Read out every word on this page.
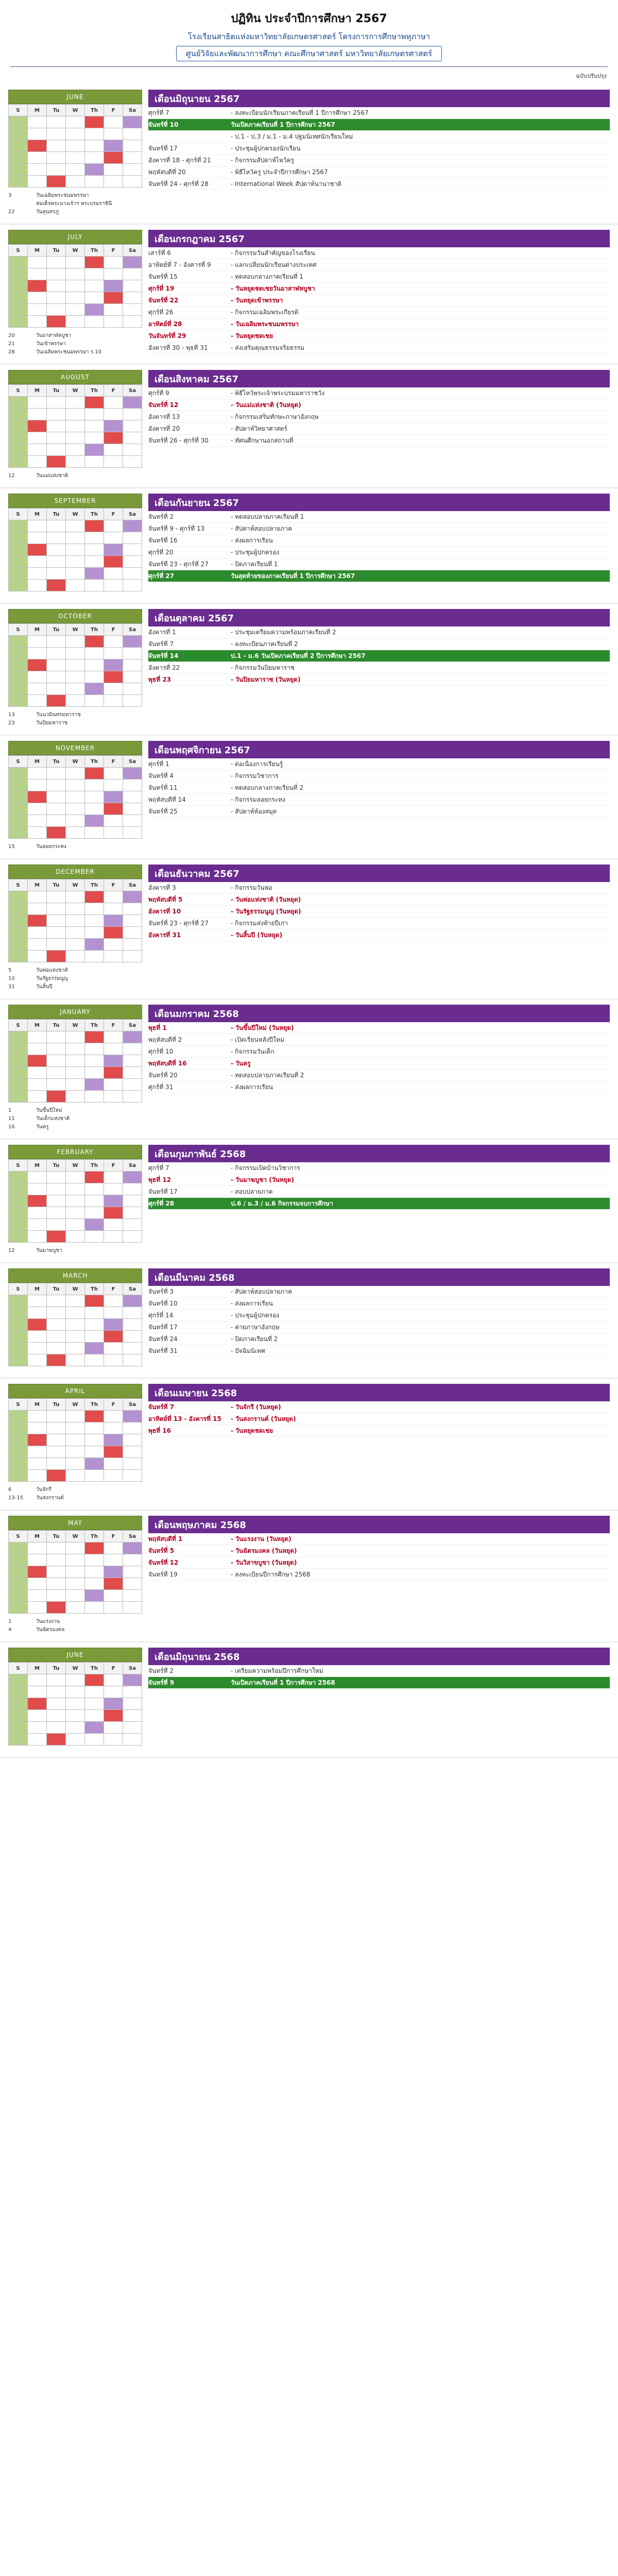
ปฏิทิน ประจำปีการศึกษา 2567
โรงเรียนสาธิตแห่งมหาวิทยาลัยเกษตรศาสตร์ โครงการการศึกษาพหุภาษา
ศูนย์วิจัยและพัฒนาการศึกษา คณะศึกษาศาสตร์ มหาวิทยาลัยเกษตรศาสตร์
ฉบับปรับปรุง
JUNE
S	M	Tu	W	Th	F	Sa
3	วันเฉลิมพระชนมพรรษา
สมเด็จพระนางเจ้าฯ พระบรมราชินี
22	วันสุนทรภู่
เดือนมิถุนายน 2567
ศุกร์ที่ 7	- ลงทะเบียนนักเรียนภาคเรียนที่ 1 ปีการศึกษา 2567
จันทร์ที่ 10	วันเปิดภาคเรียนที่ 1 ปีการศึกษา 2567
- ป.1 - ป.3 / ม.1 - ม.4 ปฐมนิเทศนักเรียนใหม่
จันทร์ที่ 17	- ประชุมผู้ปกครองนักเรียน
อังคารที่ 18 - ศุกร์ที่ 21	- กิจกรรมสัปดาห์ไหว้ครู
พฤหัสบดีที่ 20	- พิธีไหว้ครู ประจำปีการศึกษา 2567
จันทร์ที่ 24 - ศุกร์ที่ 28	- International Week สัปดาห์นานาชาติ
JULY
S	M	Tu	W	Th	F	Sa
20	วันอาสาฬหบูชา
21	วันเข้าพรรษา
28	วันเฉลิมพระชนมพรรษา ร.10
เดือนกรกฎาคม 2567
เสาร์ที่ 6	- กิจกรรมวันสำคัญของโรงเรียน
อาทิตย์ที่ 7 - อังคารที่ 9	- แลกเปลี่ยนนักเรียนต่างประเทศ
จันทร์ที่ 15	- ทดสอบกลางภาคเรียนที่ 1
ศุกร์ที่ 19	- วันหยุดชดเชยวันอาสาฬหบูชา
จันทร์ที่ 22	- วันหยุดเข้าพรรษา
ศุกร์ที่ 26	- กิจกรรมเฉลิมพระเกียรติ
อาทิตย์ที่ 28	- วันเฉลิมพระชนมพรรษา
วันจันทร์ที่ 29	- วันหยุดชดเชย
อังคารที่ 30 - พุธที่ 31	- ส่งเสริมคุณธรรมจริยธรรม
AUGUST
S	M	Tu	W	Th	F	Sa
12	วันแม่แห่งชาติ
เดือนสิงหาคม 2567
ศุกร์ที่ 9	- พิธีไหว้พระเจ้าพระบรมมหาราชวัง
จันทร์ที่ 12	- วันแม่แห่งชาติ (วันหยุด)
อังคารที่ 13	- กิจกรรมเสริมทักษะภาษาอังกฤษ
อังคารที่ 20	- สัปดาห์วิทยาศาสตร์
จันทร์ที่ 26 - ศุกร์ที่ 30	- ทัศนศึกษานอกสถานที่
SEPTEMBER
S	M	Tu	W	Th	F	Sa
เดือนกันยายน 2567
จันทร์ที่ 2	- ทดสอบปลายภาคเรียนที่ 1
จันทร์ที่ 9 - ศุกร์ที่ 13	- สัปดาห์สอบปลายภาค
จันทร์ที่ 16	- ส่งผลการเรียน
ศุกร์ที่ 20	- ประชุมผู้ปกครอง
จันทร์ที่ 23 - ศุกร์ที่ 27	- ปิดภาคเรียนที่ 1
ศุกร์ที่ 27	วันสุดท้ายของภาคเรียนที่ 1 ปีการศึกษา 2567
OCTOBER
S	M	Tu	W	Th	F	Sa
13	วันนวมินทรมหาราช
23	วันปิยมหาราช
เดือนตุลาคม 2567
อังคารที่ 1	- ประชุมเตรียมความพร้อมภาคเรียนที่ 2
จันทร์ที่ 7	- ลงทะเบียนภาคเรียนที่ 2
จันทร์ที่ 14	ป.1 - ม.6 วันเปิดภาคเรียนที่ 2 ปีการศึกษา 2567
อังคารที่ 22	- กิจกรรมวันปิยมหาราช
พุธที่ 23	- วันปิยมหาราช (วันหยุด)
NOVEMBER
S	M	Tu	W	Th	F	Sa
15	วันลอยกระทง
เดือนพฤศจิกายน 2567
ศุกร์ที่ 1	- ต่อเนื่องการเรียนรู้
จันทร์ที่ 4	- กิจกรรมวิชาการ
จันทร์ที่ 11	- ทดสอบกลางภาคเรียนที่ 2
พฤหัสบดีที่ 14	- กิจกรรมลอยกระทง
จันทร์ที่ 25	- สัปดาห์ห้องสมุด
DECEMBER
S	M	Tu	W	Th	F	Sa
5	วันพ่อแห่งชาติ
10	วันรัฐธรรมนูญ
31	วันสิ้นปี
เดือนธันวาคม 2567
อังคารที่ 3	- กิจกรรมวันพ่อ
พฤหัสบดีที่ 5	- วันพ่อแห่งชาติ (วันหยุด)
อังคารที่ 10	- วันรัฐธรรมนูญ (วันหยุด)
จันทร์ที่ 23 - ศุกร์ที่ 27	- กิจกรรมส่งท้ายปีเก่า
อังคารที่ 31	- วันสิ้นปี (วันหยุด)
JANUARY
S	M	Tu	W	Th	F	Sa
1	วันขึ้นปีใหม่
11	วันเด็กแห่งชาติ
16	วันครู
เดือนมกราคม 2568
พุธที่ 1	- วันขึ้นปีใหม่ (วันหยุด)
พฤหัสบดีที่ 2	- เปิดเรียนหลังปีใหม่
ศุกร์ที่ 10	- กิจกรรมวันเด็ก
พฤหัสบดีที่ 16	- วันครู
จันทร์ที่ 20	- ทดสอบปลายภาคเรียนที่ 2
ศุกร์ที่ 31	- ส่งผลการเรียน
FEBRUARY
S	M	Tu	W	Th	F	Sa
12	วันมาฆบูชา
เดือนกุมภาพันธ์ 2568
ศุกร์ที่ 7	- กิจกรรมเปิดบ้านวิชาการ
พุธที่ 12	- วันมาฆบูชา (วันหยุด)
จันทร์ที่ 17	- สอบปลายภาค
ศุกร์ที่ 28	ป.6 / ม.3 / ม.6 กิจกรรมจบการศึกษา
MARCH
S	M	Tu	W	Th	F	Sa
เดือนมีนาคม 2568
จันทร์ที่ 3	- สัปดาห์สอบปลายภาค
จันทร์ที่ 10	- ส่งผลการเรียน
ศุกร์ที่ 14	- ประชุมผู้ปกครอง
จันทร์ที่ 17	- ค่ายภาษาอังกฤษ
จันทร์ที่ 24	- ปิดภาคเรียนที่ 2
จันทร์ที่ 31	- ปัจฉิมนิเทศ
APRIL
S	M	Tu	W	Th	F	Sa
6	วันจักรี
13-15	วันสงกรานต์
เดือนเมษายน 2568
จันทร์ที่ 7	- วันจักรี (วันหยุด)
อาทิตย์ที่ 13 - อังคารที่ 15	- วันสงกรานต์ (วันหยุด)
พุธที่ 16	- วันหยุดชดเชย
MAY
S	M	Tu	W	Th	F	Sa
1	วันแรงงาน
4	วันฉัตรมงคล
เดือนพฤษภาคม 2568
พฤหัสบดีที่ 1	- วันแรงงาน (วันหยุด)
จันทร์ที่ 5	- วันฉัตรมงคล (วันหยุด)
จันทร์ที่ 12	- วันวิสาขบูชา (วันหยุด)
จันทร์ที่ 19	- ลงทะเบียนปีการศึกษา 2568
JUNE
S	M	Tu	W	Th	F	Sa
เดือนมิถุนายน 2568
จันทร์ที่ 2	- เตรียมความพร้อมปีการศึกษาใหม่
จันทร์ที่ 9	วันเปิดภาคเรียนที่ 1 ปีการศึกษา 2568
